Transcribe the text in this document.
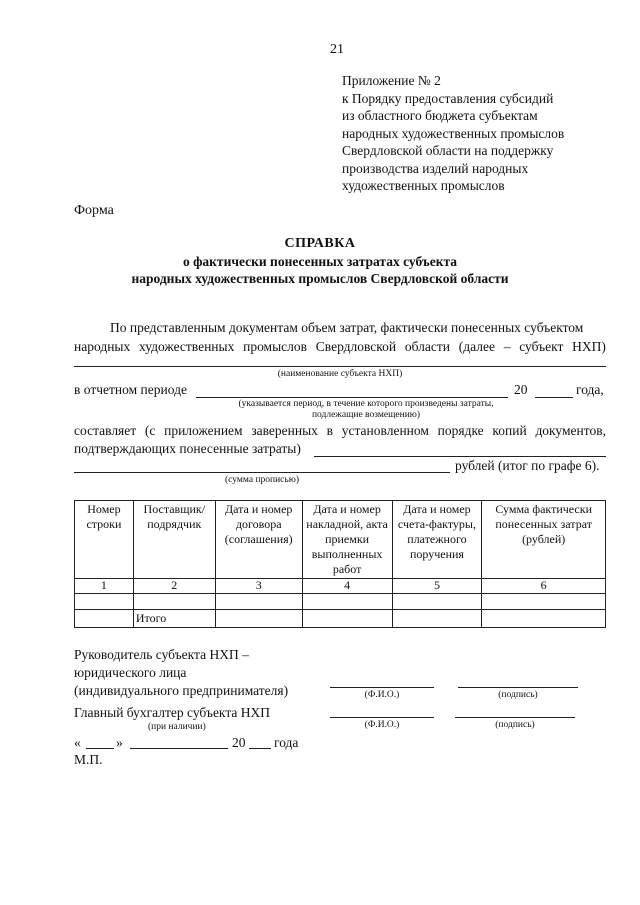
21
Приложение № 2
к Порядку предоставления субсидий
из областного бюджета субъектам
народных художественных промыслов
Свердловской области на поддержку
производства изделий народных
художественных промыслов
Форма
СПРАВКА
о фактически понесенных затратах субъекта
народных художественных промыслов Свердловской области
По представленным документам объем затрат, фактически понесенных субъектом
народных художественных промыслов Свердловской области (далее – субъект НХП)
(наименование субъекта НХП)
в отчетном периоде	20	года,
(указывается период, в течение которого произведены затраты,
подлежащие возмещению)
составляет (с приложением заверенных в установленном порядке копий документов,
подтверждающих понесенные затраты)
рублей (итог по графе 6).
(сумма прописью)
Номер строки	Поставщик/ подрядчик	Дата и номер договора (соглашения)	Дата и номер накладной, акта приемки выполненных работ	Дата и номер счета-фактуры, платежного поручения	Сумма фактически понесенных затрат (рублей)
1	2	3	4	5	6

	Итого				
Руководитель субъекта НХП –
юридического лица
(индивидуального предпринимателя)	(Ф.И.О.)	(подпись)
Главный бухгалтер субъекта НХП
(при наличии)	(Ф.И.О.)	(подпись)
«	»	20 года
М.П.
